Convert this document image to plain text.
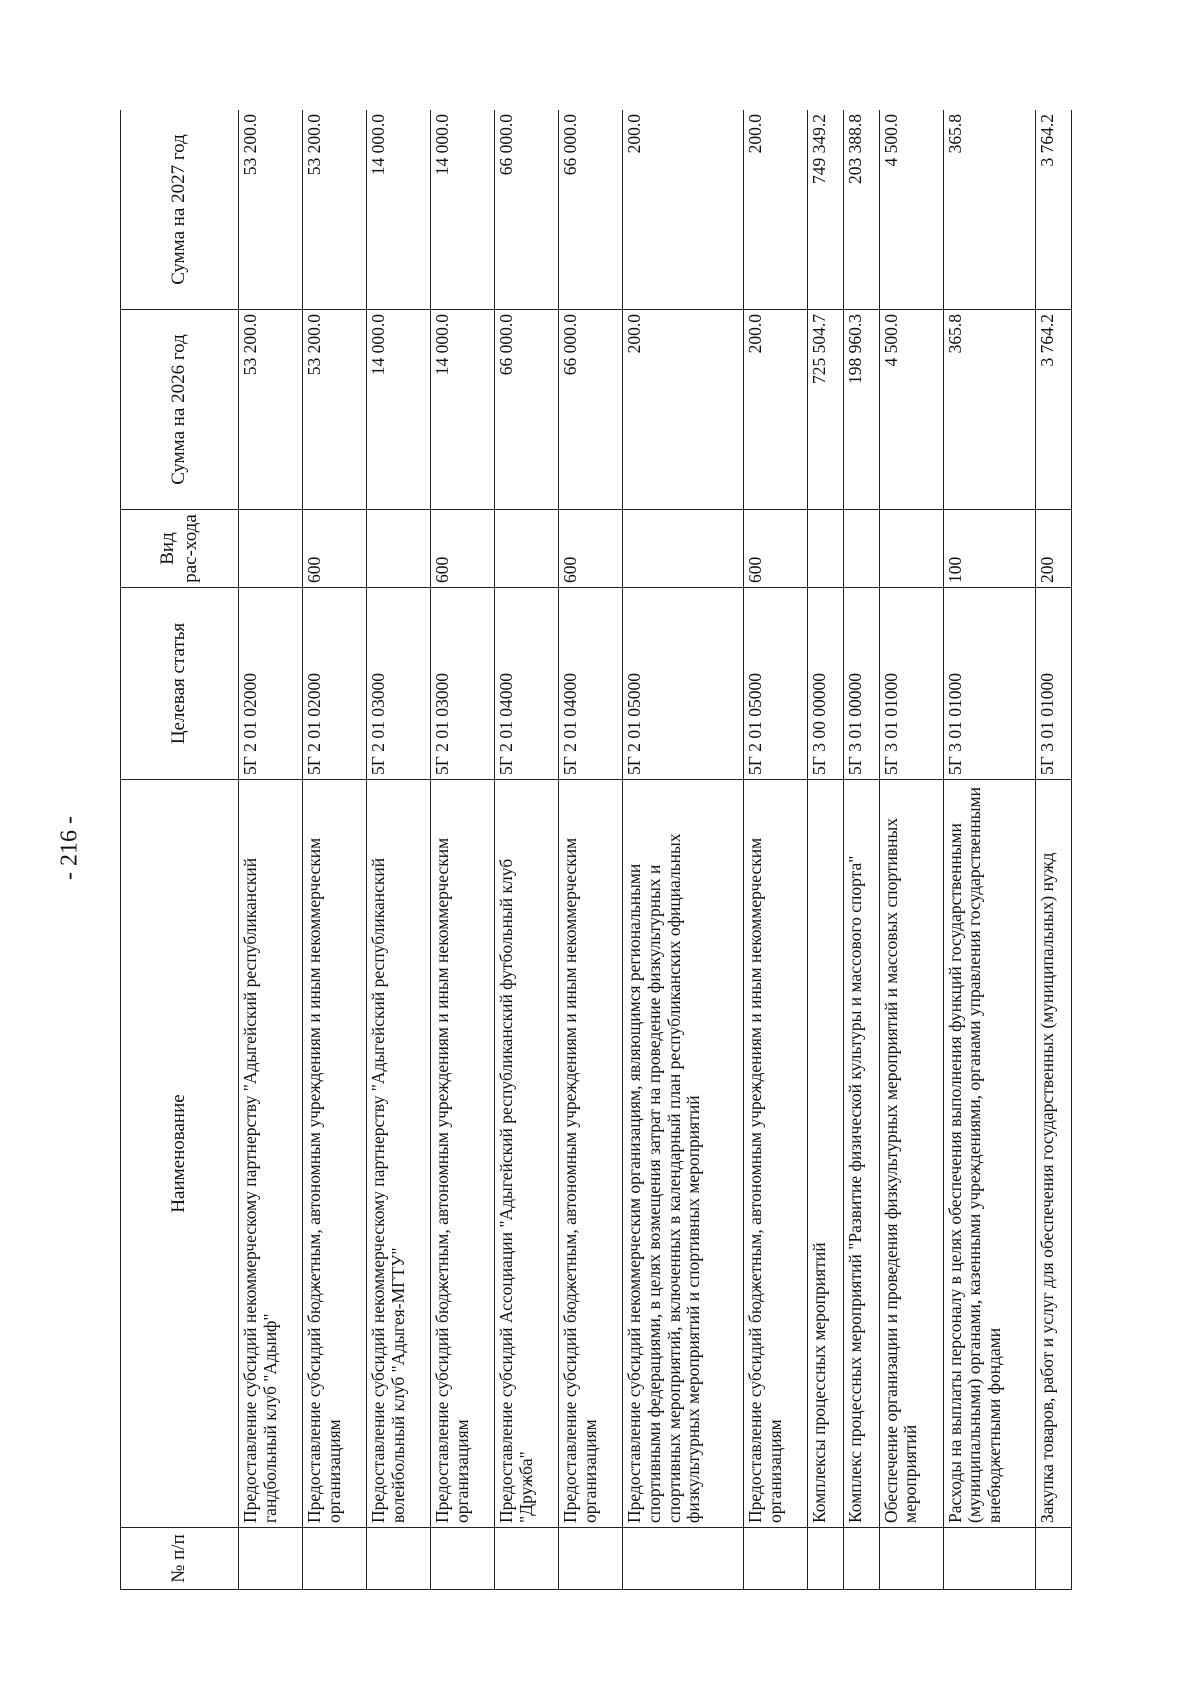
- 216 -
№ п/п	Наименование	Целевая статья	Вид рас-хода	Сумма на 2026 год	Сумма на 2027 год
	Предоставление субсидий некоммерческому партнерству "Адыгейский республиканский гандбольный клуб "Адыиф"	5Г 2 01 02000		53 200.0	53 200.0
	Предоставление субсидий бюджетным, автономным учреждениям и иным некоммерческим организациям	5Г 2 01 02000	600	53 200.0	53 200.0
	Предоставление субсидий некоммерческому партнерству "Адыгейский республиканский волейбольный клуб "Адыгея-МГТУ"	5Г 2 01 03000		14 000.0	14 000.0
	Предоставление субсидий бюджетным, автономным учреждениям и иным некоммерческим организациям	5Г 2 01 03000	600	14 000.0	14 000.0
	Предоставление субсидий Ассоциации "Адыгейский республиканский футбольный клуб "Дружба"	5Г 2 01 04000		66 000.0	66 000.0
	Предоставление субсидий бюджетным, автономным учреждениям и иным некоммерческим организациям	5Г 2 01 04000	600	66 000.0	66 000.0
	Предоставление субсидий некоммерческим организациям, являющимся региональными спортивными федерациями, в целях возмещения затрат на проведение физкультурных и спортивных мероприятий, включенных в календарный план республиканских официальных физкультурных мероприятий и спортивных мероприятий	5Г 2 01 05000		200.0	200.0
	Предоставление субсидий бюджетным, автономным учреждениям и иным некоммерческим организациям	5Г 2 01 05000	600	200.0	200.0
	Комплексы процессных мероприятий	5Г 3 00 00000		725 504.7	749 349.2
	Комплекс процессных мероприятий "Развитие физической культуры и массового спорта"	5Г 3 01 00000		198 960.3	203 388.8
	Обеспечение организации и проведения физкультурных мероприятий и массовых спортивных мероприятий	5Г 3 01 01000		4 500.0	4 500.0
	Расходы на выплаты персоналу в целях обеспечения выполнения функций государственными (муниципальными) органами, казенными учреждениями, органами управления государственными внебюджетными фондами	5Г 3 01 01000	100	365.8	365.8
	Закупка товаров, работ и услуг для обеспечения государственных (муниципальных) нужд	5Г 3 01 01000	200	3 764.2	3 764.2
